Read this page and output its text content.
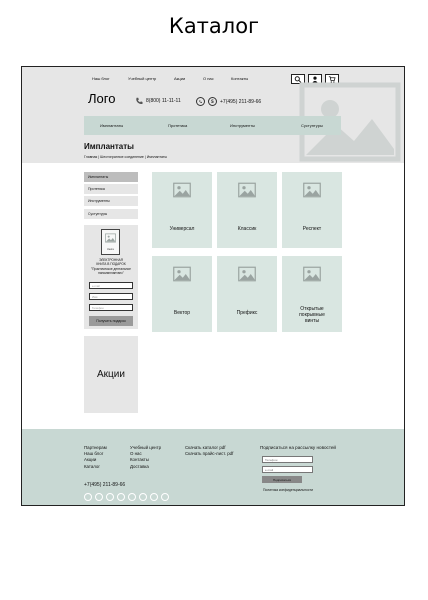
Каталог
Наш блог	Учебный центр	Акции	О нас	Контакты
Лого	8(800) 11-11-11	S +7(495) 211-89-66
Имплантаты	Протетика	Инструменты	Суступтуры
Имплантаты
Главная | Шестигранное соединение | Имплантаты
Имплантаты
Протетика
Инструменты
Суступтуры
Книга
ЭЛЕКТРОННАЯ
КНИГА В ПОДАРОК
"Практическое дентальное
наноимплантанс"
e-mail
Имя
Телефон
Получить подарок
Акции
Универсал	Классик	Респект
Вектор	Префикс
Открытые покрывные винты
Партнерам
Наш блог
Акции
Каталог
Учебный центр
О нас
Контакты
Доставка
Скачать каталог pdf
Скачать прайс-лист. pdf
+7(495) 211-89-66
Подписаться на рассылку новостей
Телефон
e-mail
Подписаться
Политика конфиденциальности
